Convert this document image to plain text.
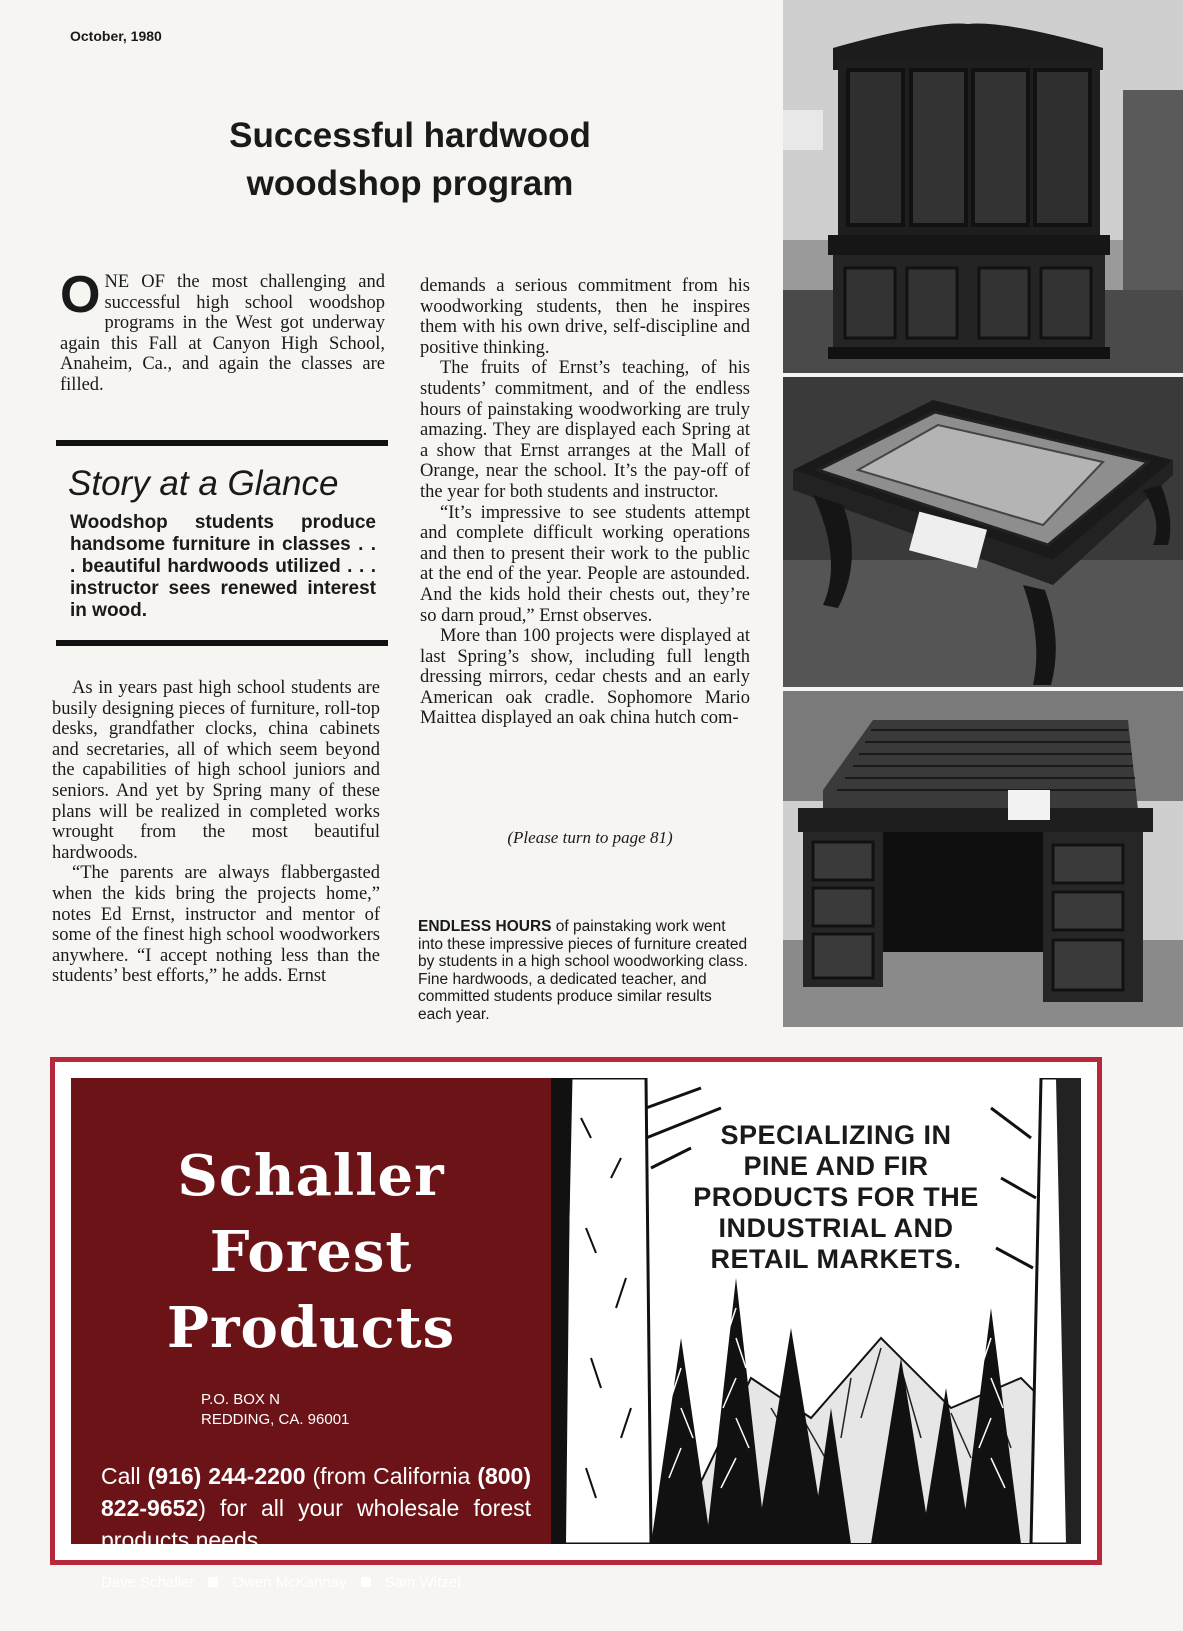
October, 1980
Successful hardwood
woodshop program

ONE OF the most challenging and successful high school woodshop programs in the West got underway again this Fall at Canyon High School, Anaheim, Ca., and again the classes are filled.

Story at a Glance
Woodshop students produce handsome furniture in classes . . . beautiful hardwoods utilized . . . instructor sees renewed interest in wood.

As in years past high school students are busily designing pieces of furniture, roll-top desks, grandfather clocks, china cabinets and secretaries, all of which seem beyond the capabilities of high school juniors and seniors. And yet by Spring many of these plans will be realized in completed works wrought from the most beautiful hardwoods.

“The parents are always flabbergasted when the kids bring the projects home,” notes Ed Ernst, instructor and mentor of some of the finest high school woodworkers anywhere. “I accept nothing less than the students’ best efforts,” he adds. Ernst

demands a serious commitment from his woodworking students, then he inspires them with his own drive, self-discipline and positive thinking.

The fruits of Ernst’s teaching, of his students’ commitment, and of the endless hours of painstaking woodworking are truly amazing. They are displayed each Spring at a show that Ernst arranges at the Mall of Orange, near the school. It’s the pay-off of the year for both students and instructor.

“It’s impressive to see students attempt and complete difficult working operations and then to present their work to the public at the end of the year. People are astounded. And the kids hold their chests out, they’re so darn proud,” Ernst observes.

More than 100 projects were displayed at last Spring’s show, including full length dressing mirrors, cedar chests and an early American oak cradle. Sophomore Mario Maittea displayed an oak china hutch com-

(Please turn to page 81)
ENDLESS HOURS of painstaking work went into these impressive pieces of furniture created by students in a high school woodworking class. Fine hardwoods, a dedicated teacher, and committed students produce similar results each year.
Schaller
Forest
Products
P.O. BOX N
REDDING, CA. 96001
Call (916) 244-2200 (from California (800) 822-9652) for all your wholesale forest products needs.
Dave Schaller	Owen McKannay	Sam Witzel
SPECIALIZING IN
PINE AND FIR
PRODUCTS FOR THE
INDUSTRIAL AND
RETAIL MARKETS.
